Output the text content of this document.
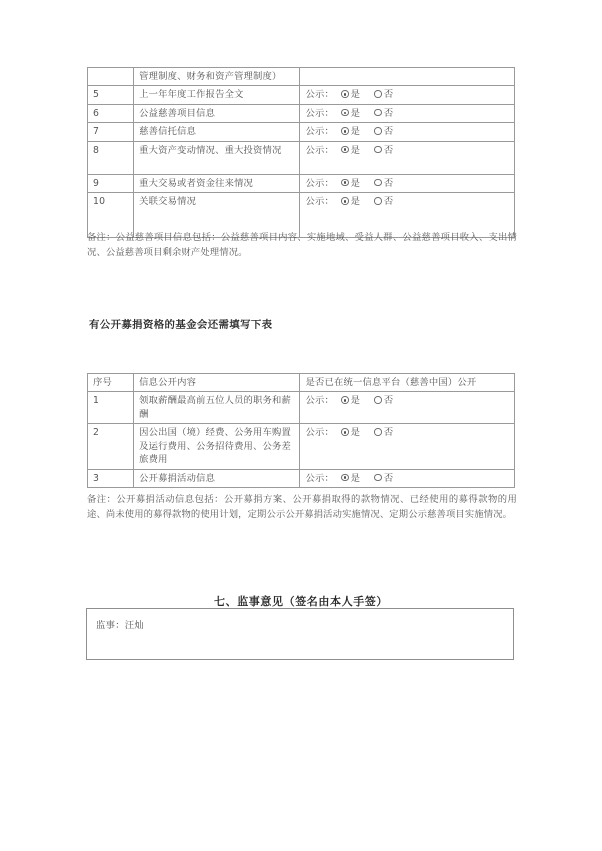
	管理制度、财务和资产管理制度）	
5	上一年年度工作报告全文	公示： 是 否
6	公益慈善项目信息	公示： 是 否
7	慈善信托信息	公示： 是 否
8	重大资产变动情况、重大投资情况	公示： 是 否
9	重大交易或者资金往来情况	公示： 是 否
10	关联交易情况	公示： 是 否
备注：公益慈善项目信息包括：公益慈善项目内容、实施地域、受益人群、公益慈善项目收入、支出情况、公益慈善项目剩余财产处理情况。
有公开募捐资格的基金会还需填写下表
序号	信息公开内容	是否已在统一信息平台（慈善中国）公开
1	领取薪酬最高前五位人员的职务和薪酬	公示： 是 否
2	因公出国（境）经费、公务用车购置及运行费用、公务招待费用、公务差旅费用	公示： 是 否
3	公开募捐活动信息	公示： 是 否
备注：公开募捐活动信息包括：公开募捐方案、公开募捐取得的款物情况、已经使用的募得款物的用途、尚未使用的募得款物的使用计划，定期公示公开募捐活动实施情况、定期公示慈善项目实施情况。
七、监事意见（签名由本人手签）
监事：汪灿
